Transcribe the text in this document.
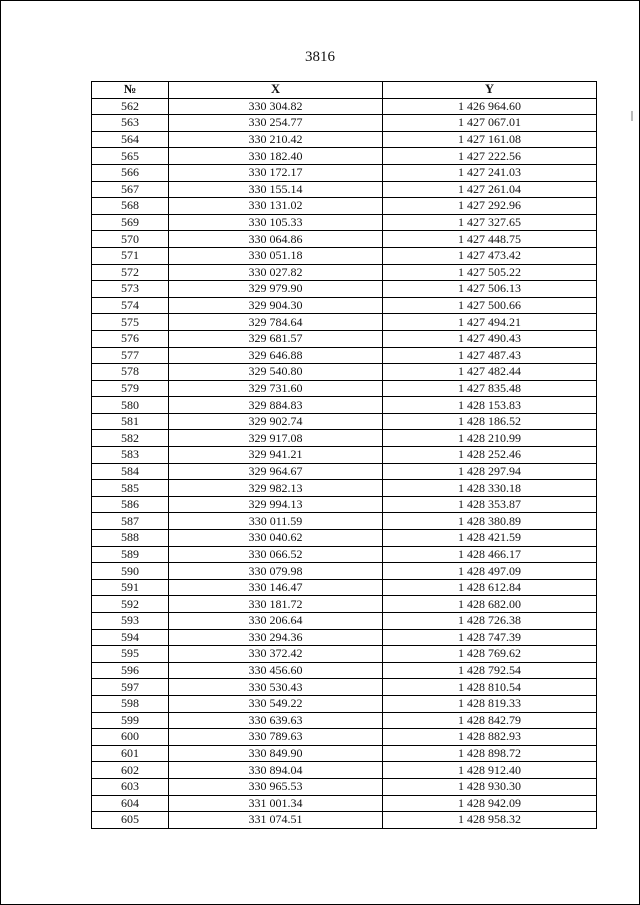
3816
№	X	Y
562	330 304.82	1 426 964.60
563	330 254.77	1 427 067.01
564	330 210.42	1 427 161.08
565	330 182.40	1 427 222.56
566	330 172.17	1 427 241.03
567	330 155.14	1 427 261.04
568	330 131.02	1 427 292.96
569	330 105.33	1 427 327.65
570	330 064.86	1 427 448.75
571	330 051.18	1 427 473.42
572	330 027.82	1 427 505.22
573	329 979.90	1 427 506.13
574	329 904.30	1 427 500.66
575	329 784.64	1 427 494.21
576	329 681.57	1 427 490.43
577	329 646.88	1 427 487.43
578	329 540.80	1 427 482.44
579	329 731.60	1 427 835.48
580	329 884.83	1 428 153.83
581	329 902.74	1 428 186.52
582	329 917.08	1 428 210.99
583	329 941.21	1 428 252.46
584	329 964.67	1 428 297.94
585	329 982.13	1 428 330.18
586	329 994.13	1 428 353.87
587	330 011.59	1 428 380.89
588	330 040.62	1 428 421.59
589	330 066.52	1 428 466.17
590	330 079.98	1 428 497.09
591	330 146.47	1 428 612.84
592	330 181.72	1 428 682.00
593	330 206.64	1 428 726.38
594	330 294.36	1 428 747.39
595	330 372.42	1 428 769.62
596	330 456.60	1 428 792.54
597	330 530.43	1 428 810.54
598	330 549.22	1 428 819.33
599	330 639.63	1 428 842.79
600	330 789.63	1 428 882.93
601	330 849.90	1 428 898.72
602	330 894.04	1 428 912.40
603	330 965.53	1 428 930.30
604	331 001.34	1 428 942.09
605	331 074.51	1 428 958.32
